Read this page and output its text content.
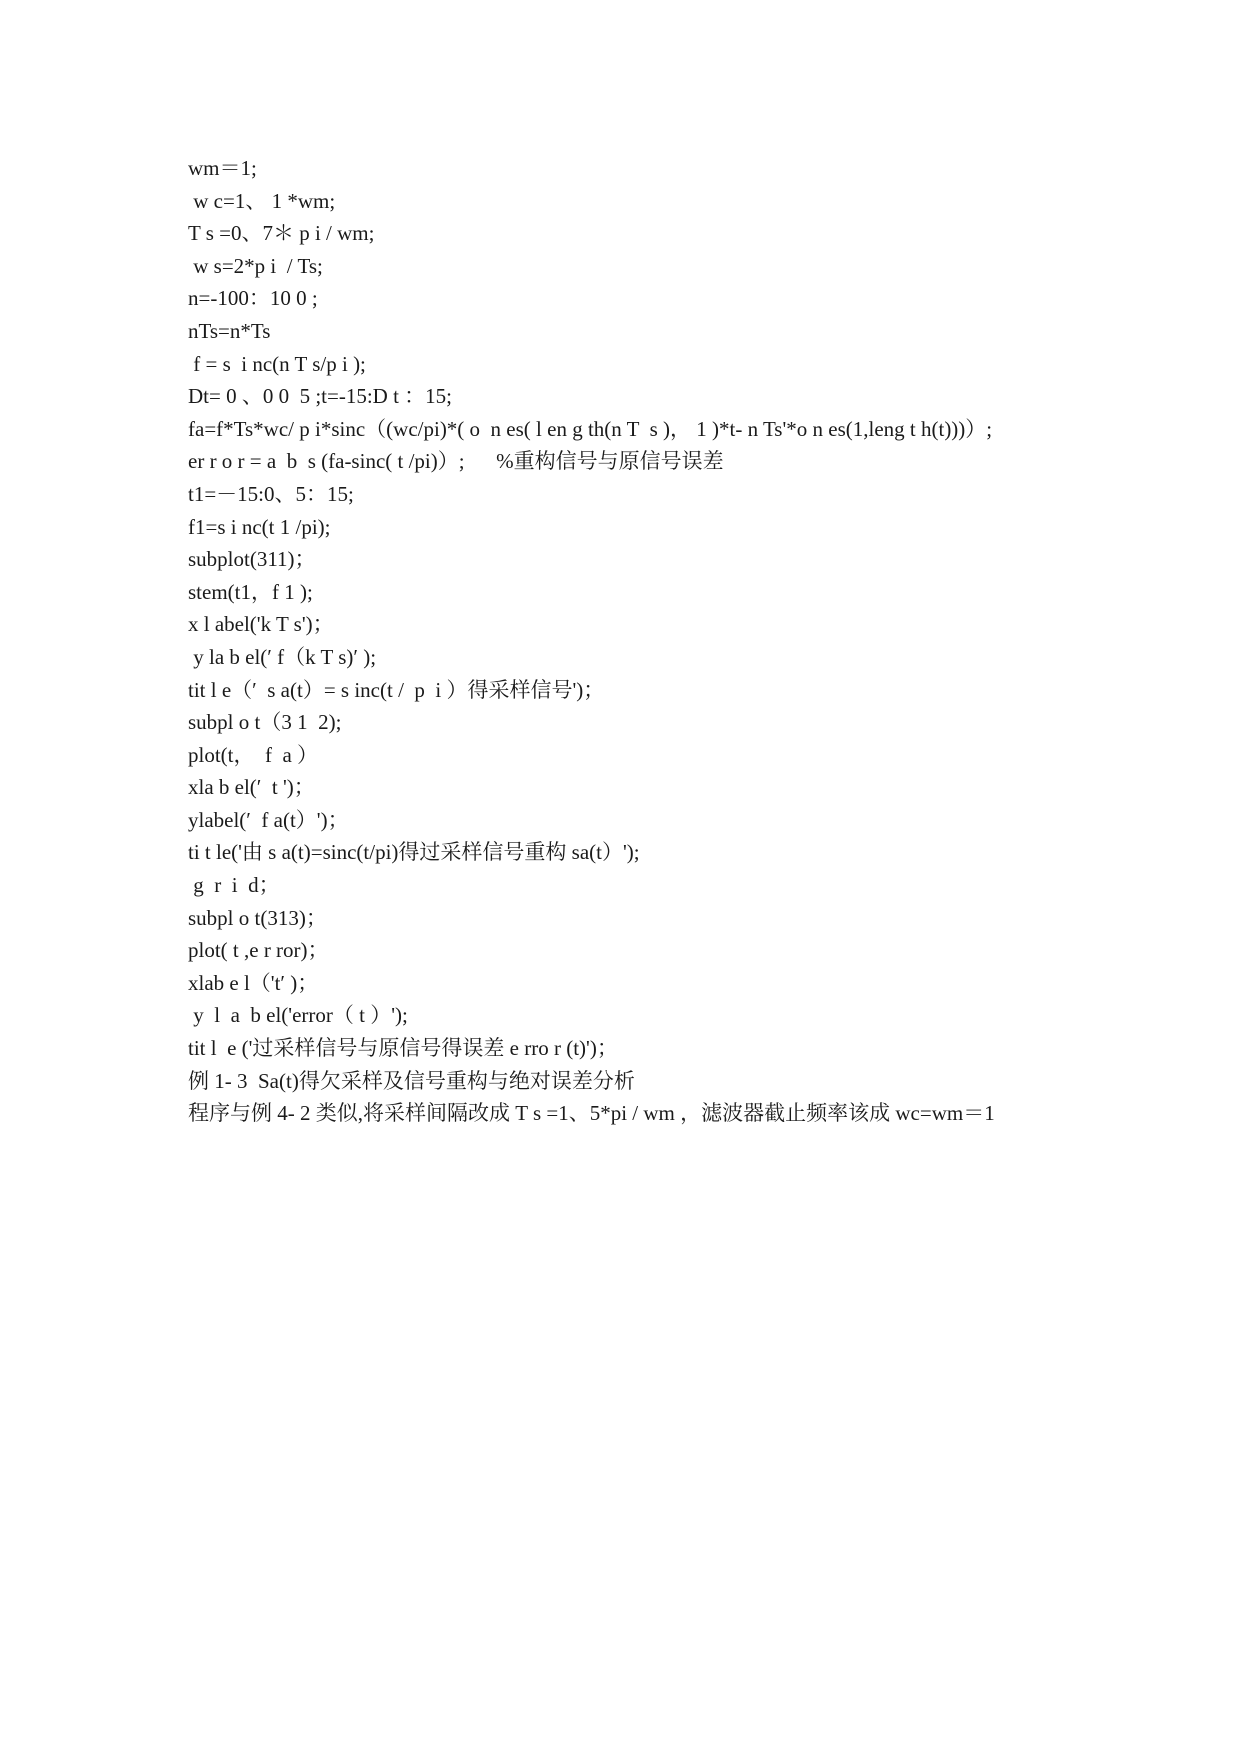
wm＝1;
w c=1、 1 *wm;
T s =0、7＊ p i / wm;
w s=2*p i  / Ts;
n=-100：10 0 ;
nTs=n*Ts
f = s  i nc(n T s/p i );
Dt= 0 、0 0  5 ;t=-15:D t ：15;
fa=f*Ts*wc/ p i*sinc（(wc/pi)*( o  n es( l en g th(n T  s )， 1 )*t- n Ts'*o n es(1,leng t h(t)))）;
er r o r = a  b  s (fa-sinc( t /pi)）;      %重构信号与原信号误差
t1=－15:0、5：15;
f1=s i nc(t 1 /pi);
subplot(311)；
stem(t1，f 1 );
x l abel('k T s')；
y la b el(′ f（k T s)′ );
tit l e（′  s a(t）= s inc(t /  p  i ）得采样信号')；
subpl o t（3 1  2);
plot(t，  f  a ）
xla b el(′  t ')；
ylabel(′  f a(t）')；
ti t le('由 s a(t)=sinc(t/pi)得过采样信号重构 sa(t）');
g  r  i  d；
subpl o t(313)；
plot( t ,e r ror)；
xlab e l（'t′ )；
y  l  a  b el('error（ t ）');
tit l  e ('过采样信号与原信号得误差 e rro r (t)')；
例 1- 3  Sa(t)得欠采样及信号重构与绝对误差分析
程序与例 4- 2 类似,将采样间隔改成 T s =1、5*pi / wm ，滤波器截止频率该成 wc=wm＝1
